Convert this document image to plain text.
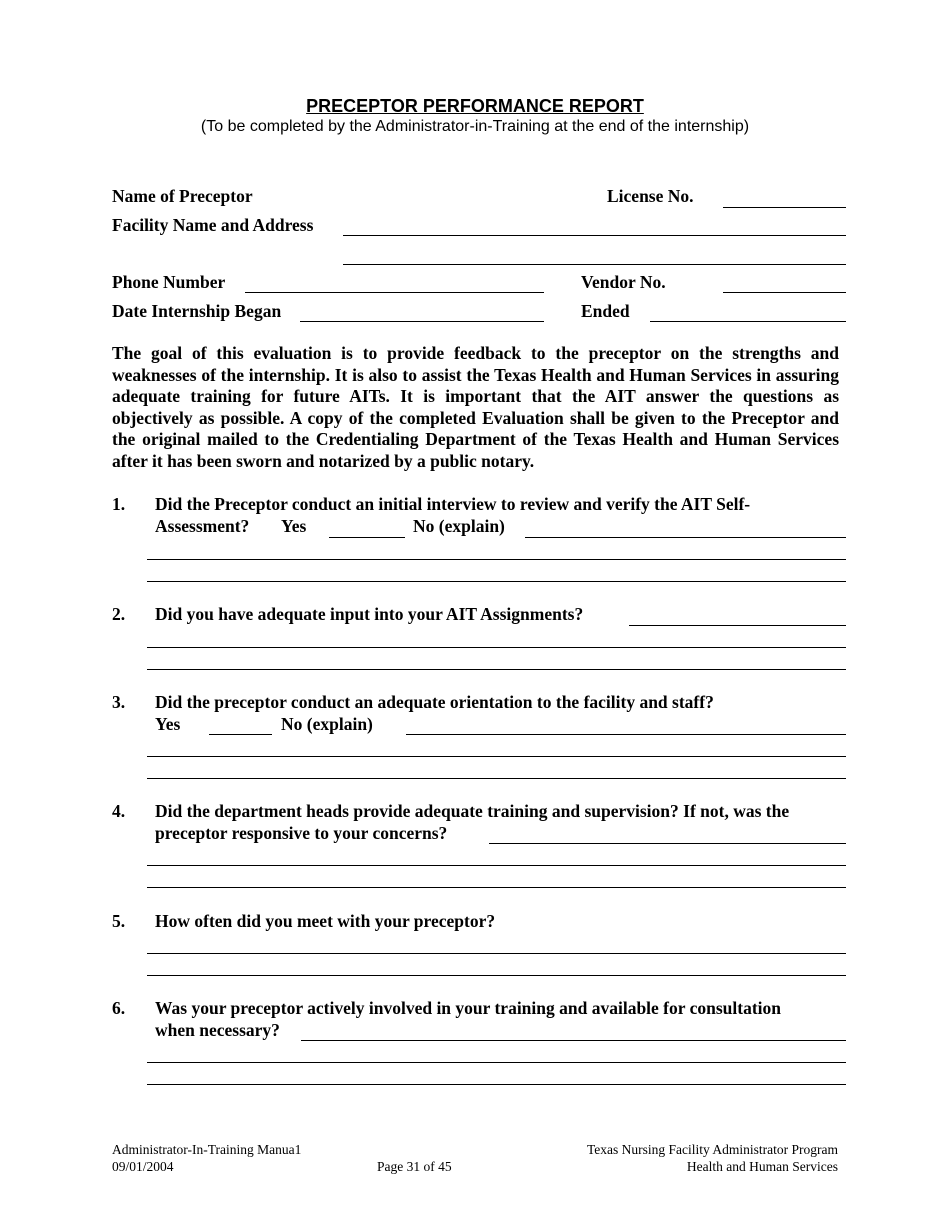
PRECEPTOR PERFORMANCE REPORT
(To be completed by the Administrator-in-Training at the end of the internship)
Name of Preceptor	License No.
Facility Name and Address
Phone Number	Vendor No.
Date Internship Began	Ended
The goal of this evaluation is to provide feedback to the preceptor on the strengths and weaknesses of the internship. It is also to assist the Texas Health and Human Services in assuring adequate training for future AITs. It is important that the AIT answer the questions as objectively as possible. A copy of the completed Evaluation shall be given to the Preceptor and the original mailed to the Credentialing Department of the Texas Health and Human Services after it has been sworn and notarized by a public notary.
1. Did the Preceptor conduct an initial interview to review and verify the AIT Self-
Assessment? Yes	No (explain)
2. Did you have adequate input into your AIT Assignments?
3. Did the preceptor conduct an adequate orientation to the facility and staff?
Yes	No (explain)
4. Did the department heads provide adequate training and supervision? If not, was the
preceptor responsive to your concerns?
5. How often did you meet with your preceptor?
6. Was your preceptor actively involved in your training and available for consultation
when necessary?
Administrator-In-Training Manua1
09/01/2004	Page 31 of 45
Texas Nursing Facility Administrator Program
Health and Human Services
